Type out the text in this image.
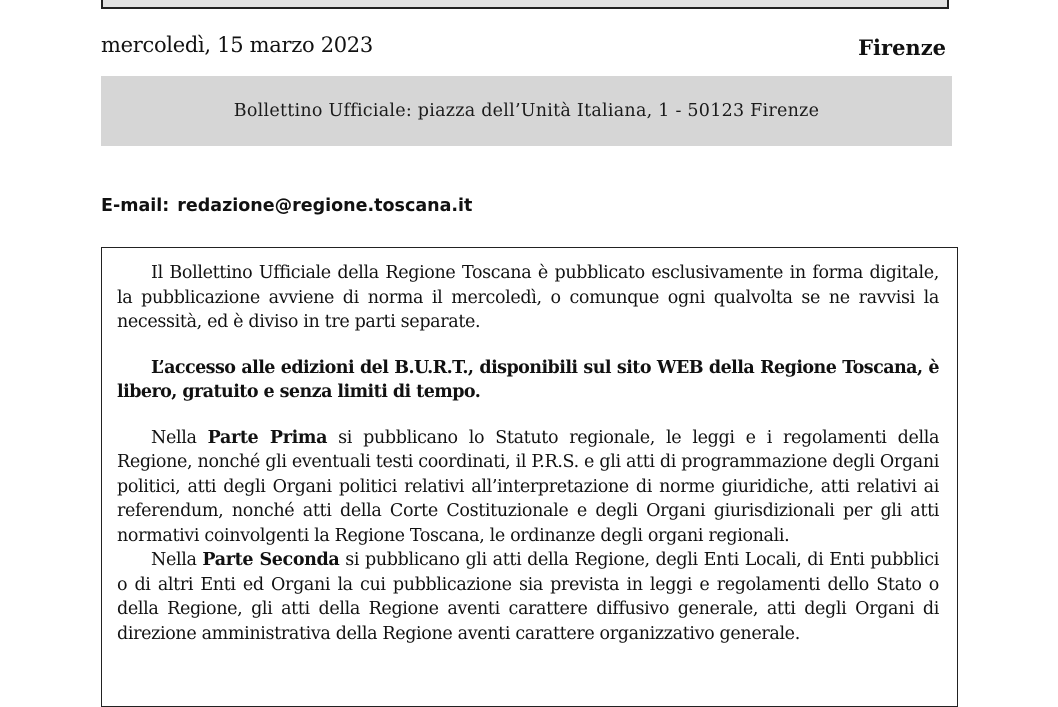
mercoledì, 15 marzo 2023	Firenze
Bollettino Ufficiale: piazza dell’Unità Italiana, 1 - 50123 Firenze
E-mail: redazione@regione.toscana.it

Il Bollettino Ufficiale della Regione Toscana è pubblicato esclusivamente in forma digitale, la pubblicazione avviene di norma il mercoledì, o comunque ogni qualvolta se ne ravvisi la necessità, ed è diviso in tre parti separate.

L’accesso alle edizioni del B.U.R.T., disponibili sul sito WEB della Regione Toscana, è libero, gratuito e senza limiti di tempo.

Nella Parte Prima si pubblicano lo Statuto regionale, le leggi e i regolamenti della Regione, nonché gli eventuali testi coordinati, il P.R.S. e gli atti di programmazione degli Organi politici, atti degli Organi politici relativi all’interpretazione di norme giuridiche, atti relativi ai referendum, nonché atti della Corte Costituzionale e degli Organi giurisdizionali per gli atti normativi coinvolgenti la Regione Toscana, le ordinanze degli organi regionali.

Nella Parte Seconda si pubblicano gli atti della Regione, degli Enti Locali, di Enti pubblici o di altri Enti ed Organi la cui pubblicazione sia prevista in leggi e regolamenti dello Stato o della Regione, gli atti della Regione aventi carattere diffusivo generale, atti degli Organi di direzione amministrativa della Regione aventi carattere organizzativo generale.
